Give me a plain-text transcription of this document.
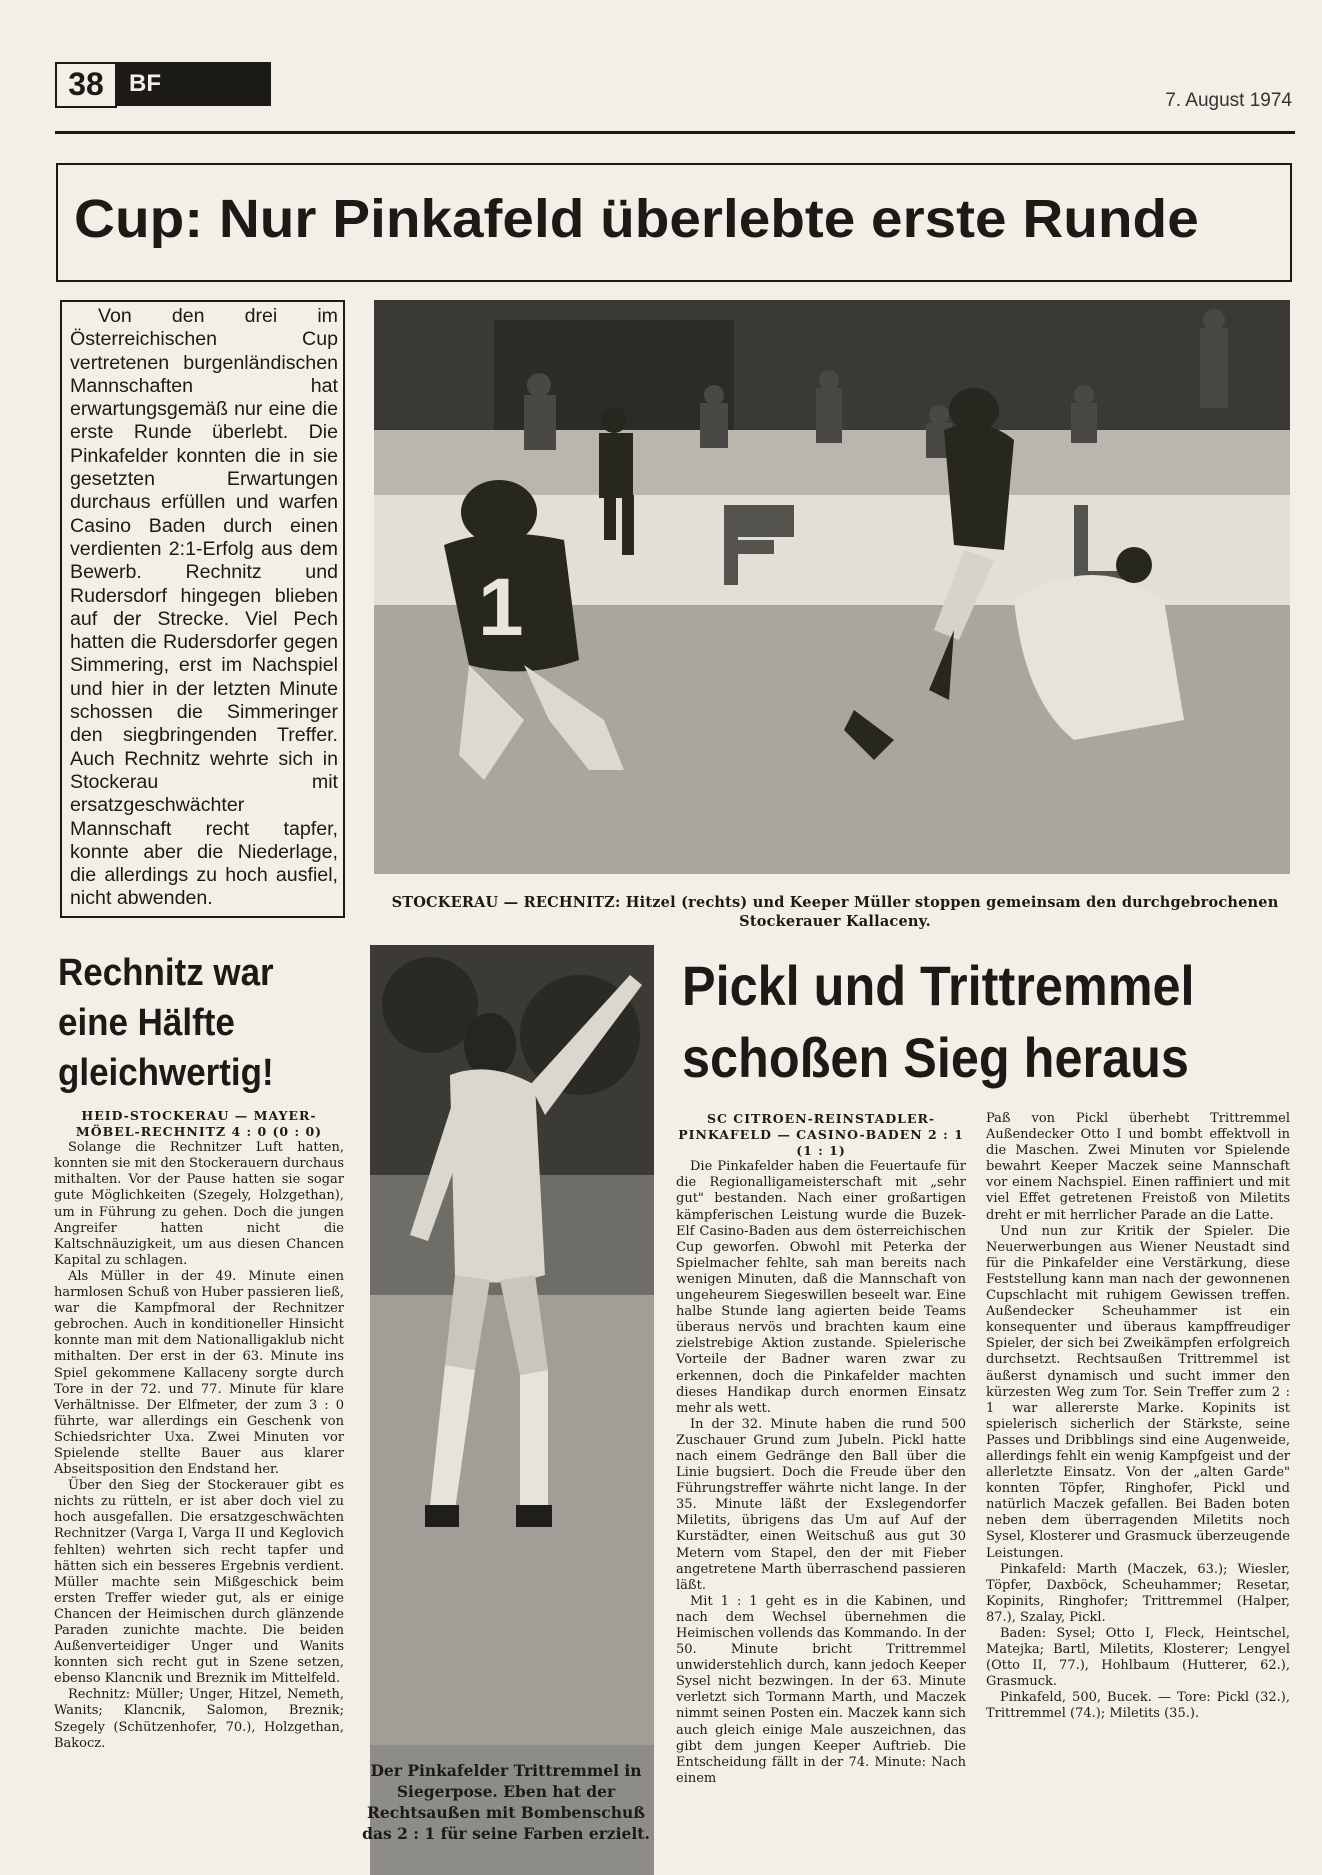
38	BF
7. August 1974
Cup: Nur Pinkafeld überlebte erste Runde

Von den drei im Österreichischen Cup vertretenen burgenländischen Mannschaften hat erwartungsgemäß nur eine die erste Runde überlebt. Die Pinkafelder konnten die in sie gesetzten Erwartungen durchaus erfüllen und warfen Casino Baden durch einen verdienten 2:1-Erfolg aus dem Bewerb. Rechnitz und Rudersdorf hingegen blieben auf der Strecke. Viel Pech hatten die Rudersdorfer gegen Simmering, erst im Nachspiel und hier in der letzten Minute schossen die Simmeringer den siegbringenden Treffer. Auch Rechnitz wehrte sich in Stockerau mit ersatzgeschwächter Mannschaft recht tapfer, konnte aber die Niederlage, die allerdings zu hoch ausfiel, nicht abwenden.

1
STOCKERAU — RECHNITZ: Hitzel (rechts) und Keeper Müller stoppen gemeinsam den durchgebrochenen Stockerauer Kallaceny.
Rechnitz war
eine Hälfte
gleichwertig!
Der Pinkafelder Trittremmel in Siegerpose. Eben hat der Rechtsaußen mit Bombenschuß das 2 : 1 für seine Farben erzielt.

HEID-STOCKERAU — MAYER-MÖBEL-RECHNITZ 4 : 0 (0 : 0)

Solange die Rechnitzer Luft hatten, konnten sie mit den Stockerauern durchaus mithalten. Vor der Pause hatten sie sogar gute Möglichkeiten (Szegely, Holzgethan), um in Führung zu gehen. Doch die jungen Angreifer hatten nicht die Kaltschnäuzigkeit, um aus diesen Chancen Kapital zu schlagen.

Als Müller in der 49. Minute einen harmlosen Schuß von Huber passieren ließ, war die Kampfmoral der Rechnitzer gebrochen. Auch in konditioneller Hinsicht konnte man mit dem Nationalligaklub nicht mithalten. Der erst in der 63. Minute ins Spiel gekommene Kallaceny sorgte durch Tore in der 72. und 77. Minute für klare Verhältnisse. Der Elfmeter, der zum 3 : 0 führte, war allerdings ein Geschenk von Schiedsrichter Uxa. Zwei Minuten vor Spielende stellte Bauer aus klarer Abseitsposition den Endstand her.

Über den Sieg der Stockerauer gibt es nichts zu rütteln, er ist aber doch viel zu hoch ausgefallen. Die ersatzgeschwächten Rechnitzer (Varga I, Varga II und Keglovich fehlten) wehrten sich recht tapfer und hätten sich ein besseres Ergebnis verdient. Müller machte sein Mißgeschick beim ersten Treffer wieder gut, als er einige Chancen der Heimischen durch glänzende Paraden zunichte machte. Die beiden Außenverteidiger Unger und Wanits konnten sich recht gut in Szene setzen, ebenso Klancnik und Breznik im Mittelfeld.

Rechnitz: Müller; Unger, Hitzel, Nemeth, Wanits; Klancnik, Salomon, Breznik; Szegely (Schützenhofer, 70.), Holzgethan, Bakocz.

Pickl und Trittremmel
schoßen Sieg heraus

SC CITROEN-REINSTADLER-PINKAFELD — CASINO-BADEN 2 : 1 (1 : 1)

Die Pinkafelder haben die Feuertaufe für die Regionalligameisterschaft mit „sehr gut" bestanden. Nach einer großartigen kämpferischen Leistung wurde die Buzek-Elf Casino-Baden aus dem österreichischen Cup geworfen. Obwohl mit Peterka der Spielmacher fehlte, sah man bereits nach wenigen Minuten, daß die Mannschaft von ungeheurem Siegeswillen beseelt war. Eine halbe Stunde lang agierten beide Teams überaus nervös und brachten kaum eine zielstrebige Aktion zustande. Spielerische Vorteile der Badner waren zwar zu erkennen, doch die Pinkafelder machten dieses Handikap durch enormen Einsatz mehr als wett.

In der 32. Minute haben die rund 500 Zuschauer Grund zum Jubeln. Pickl hatte nach einem Gedränge den Ball über die Linie bugsiert. Doch die Freude über den Führungstreffer währte nicht lange. In der 35. Minute läßt der Exslegendorfer Miletits, übrigens das Um auf Auf der Kurstädter, einen Weitschuß aus gut 30 Metern vom Stapel, den der mit Fieber angetretene Marth überraschend passieren läßt.

Mit 1 : 1 geht es in die Kabinen, und nach dem Wechsel übernehmen die Heimischen vollends das Kommando. In der 50. Minute bricht Trittremmel unwiderstehlich durch, kann jedoch Keeper Sysel nicht bezwingen. In der 63. Minute verletzt sich Tormann Marth, und Maczek nimmt seinen Posten ein. Maczek kann sich auch gleich einige Male auszeichnen, das gibt dem jungen Keeper Auftrieb. Die Entscheidung fällt in der 74. Minute: Nach einem

Paß von Pickl überhebt Trittremmel Außendecker Otto I und bombt effektvoll in die Maschen. Zwei Minuten vor Spielende bewahrt Keeper Maczek seine Mannschaft vor einem Nachspiel. Einen raffiniert und mit viel Effet getretenen Freistoß von Miletits dreht er mit herrlicher Parade an die Latte.

Und nun zur Kritik der Spieler. Die Neuerwerbungen aus Wiener Neustadt sind für die Pinkafelder eine Verstärkung, diese Feststellung kann man nach der gewonnenen Cupschlacht mit ruhigem Gewissen treffen. Außendecker Scheuhammer ist ein konsequenter und überaus kampffreudiger Spieler, der sich bei Zweikämpfen erfolgreich durchsetzt. Rechtsaußen Trittremmel ist äußerst dynamisch und sucht immer den kürzesten Weg zum Tor. Sein Treffer zum 2 : 1 war allererste Marke. Kopinits ist spielerisch sicherlich der Stärkste, seine Passes und Dribblings sind eine Augenweide, allerdings fehlt ein wenig Kampfgeist und der allerletzte Einsatz. Von der „alten Garde" konnten Töpfer, Ringhofer, Pickl und natürlich Maczek gefallen. Bei Baden boten neben dem überragenden Miletits noch Sysel, Klosterer und Grasmuck überzeugende Leistungen.

Pinkafeld: Marth (Maczek, 63.); Wiesler, Töpfer, Daxböck, Scheuhammer; Resetar, Kopinits, Ringhofer; Trittremmel (Halper, 87.), Szalay, Pickl.

Baden: Sysel; Otto I, Fleck, Heintschel, Matejka; Bartl, Miletits, Klosterer; Lengyel (Otto II, 77.), Hohlbaum (Hutterer, 62.), Grasmuck.

Pinkafeld, 500, Bucek. — Tore: Pickl (32.), Trittremmel (74.); Miletits (35.).
